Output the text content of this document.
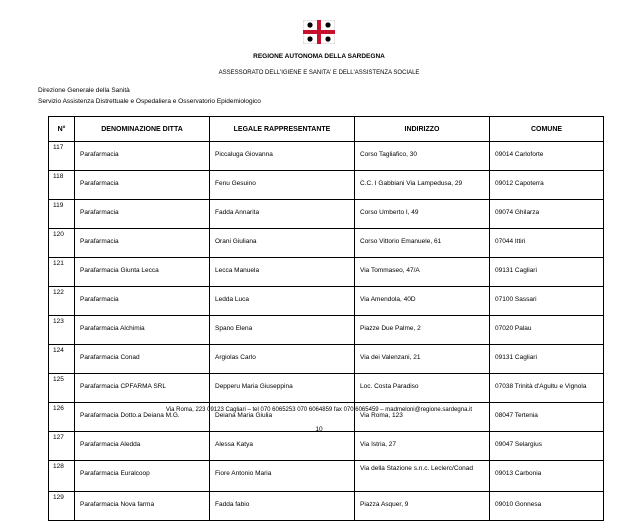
REGIONE AUTONOMA DELLA SARDEGNA
ASSESSORATO DELL'IGIENE E SANITA' E DELL'ASSISTENZA SOCIALE
Direzione Generale della Sanità
Servizio Assistenza Distrettuale e Ospedaliera e Osservatorio Epidemiologico
N°	DENOMINAZIONE DITTA	LEGALE RAPPRESENTANTE	INDIRIZZO	COMUNE
117	Parafarmacia	Piccaluga Giovanna	Corso Tagliafico, 30	09014 Carloforte
118	Parafarmacia	Fenu Gesuino	C.C. I Gabbiani Via Lampedusa, 29	09012 Capoterra
119	Parafarmacia	Fadda Annarita	Corso Umberto I, 49	09074 Ghilarza
120	Parafarmacia	Orani Giuliana	Corso Vittorio Emanuele, 61	07044 Ittiri
121	Parafarmacia Giunta Lecca	Lecca Manuela	Via Tommaseo, 47/A	09131 Cagliari
122	Parafarmacia	Ledda Luca	Via Amendola, 40D	07100 Sassari
123	Parafarmacia Alchimia	Spano Elena	Piazze Due Palme, 2	07020 Palau
124	Parafarmacia Conad	Argiolas Carlo	Via dei Valenzani, 21	09131 Cagliari
125	Parafarmacia CPFARMA SRL	Depperu Maria Giuseppina	Loc. Costa Paradiso	07038 Trinità d'Agultu e Vignola
126	Parafarmacia Dotto.a Deiana M.G.	Deiana Maria Giulia	Via Roma, 123	08047 Tertenia
127	Parafarmacia Aledda	Alessa Katya	Via Istria, 27	09047 Selargius
128	Parafarmacia Euralcoop	Fiore Antonio Maria	Via della Stazione s.n.c. Leclerc/Conad	09013 Carbonia
129	Parafarmacia Nova farma	Fadda fabio	Piazza Asquer, 9	09010 Gonnesa
Via Roma, 223 09123 Cagliari – tel 070 6065253 070 6064859 fax 070 6065459 – madmeloni@regione.sardegna.it
10
